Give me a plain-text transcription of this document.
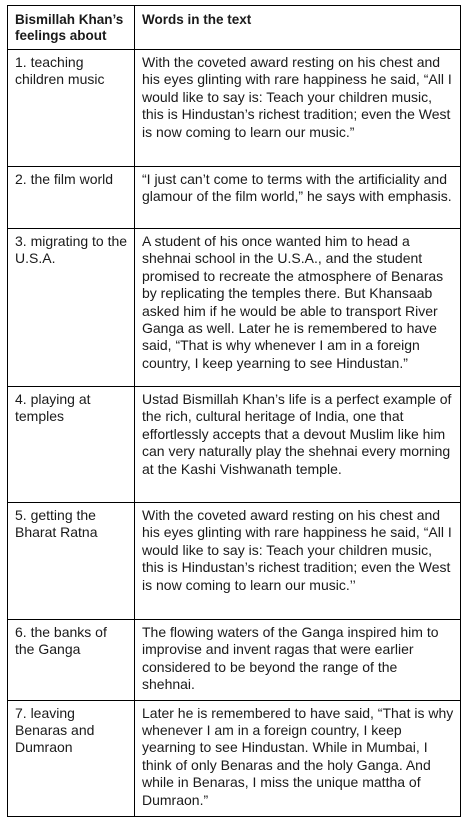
Bismillah Khan’s feelings about	Words in the text
1. teaching children music	With the coveted award resting on his chest and his eyes glinting with rare happiness he said, “All I would like to say is: Teach your children music, this is Hindustan’s richest tradition; even the West is now coming to learn our music.”
2. the film world	“I just can’t come to terms with the artificiality and glamour of the film world,” he says with emphasis.
3. migrating to the U.S.A.	A student of his once wanted him to head a shehnai school in the U.S.A., and the student promised to recreate the atmosphere of Benaras by replicating the temples there. But Khansaab asked him if he would be able to transport River Ganga as well. Later he is remembered to have said, “That is why whenever I am in a foreign country, I keep yearning to see Hindustan.”
4. playing at temples	Ustad Bismillah Khan’s life is a perfect example of the rich, cultural heritage of India, one that effortlessly accepts that a devout Muslim like him can very naturally play the shehnai every morning at the Kashi Vishwanath temple.
5. getting the Bharat Ratna	With the coveted award resting on his chest and his eyes glinting with rare happiness he said, “All I would like to say is: Teach your children music, this is Hindustan’s richest tradition; even the West is now coming to learn our music.’’
6. the banks of the Ganga	The flowing waters of the Ganga inspired him to improvise and invent ragas that were earlier considered to be beyond the range of the shehnai.
7. leaving Benaras and Dumraon	Later he is remembered to have said, “That is why whenever I am in a foreign country, I keep yearning to see Hindustan. While in Mumbai, I think of only Benaras and the holy Ganga. And while in Benaras, I miss the unique mattha of Dumraon.”
